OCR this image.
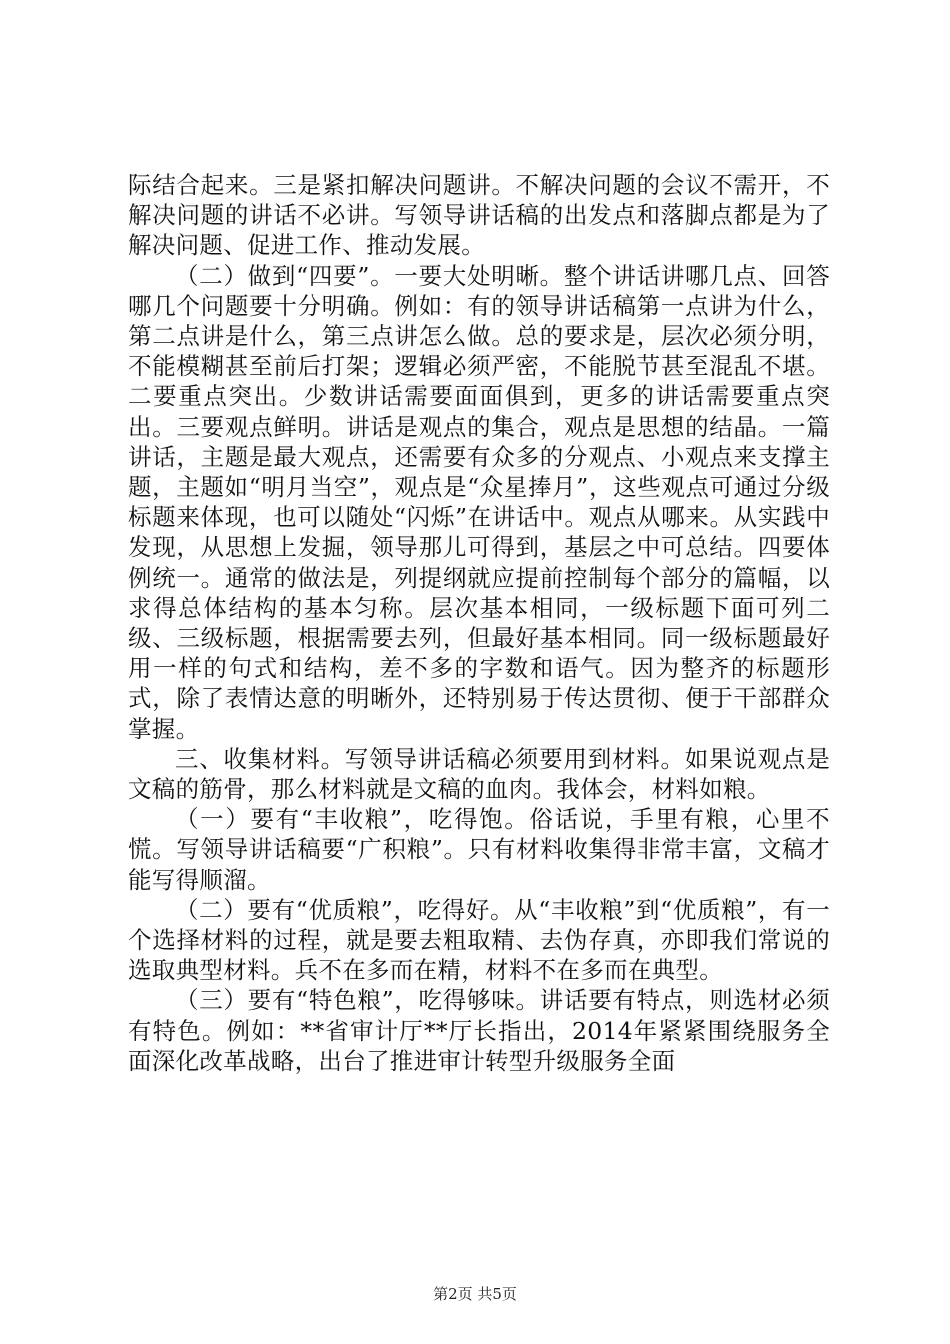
际结合起来。三是紧扣解决问题讲。不解决问题的会议不需开，不解决问题的讲话不必讲。写领导讲话稿的出发点和落脚点都是为了解决问题、促进工作、推动发展。

（二）做到“四要”。一要大处明晰。整个讲话讲哪几点、回答哪几个问题要十分明确。例如：有的领导讲话稿第一点讲为什么，第二点讲是什么，第三点讲怎么做。总的要求是，层次必须分明，不能模糊甚至前后打架；逻辑必须严密，不能脱节甚至混乱不堪。二要重点突出。少数讲话需要面面俱到，更多的讲话需要重点突出。三要观点鲜明。讲话是观点的集合，观点是思想的结晶。一篇讲话，主题是最大观点，还需要有众多的分观点、小观点来支撑主题，主题如“明月当空”，观点是“众星捧月”，这些观点可通过分级标题来体现，也可以随处“闪烁”在讲话中。观点从哪来。从实践中发现，从思想上发掘，领导那儿可得到，基层之中可总结。四要体例统一。通常的做法是，列提纲就应提前控制每个部分的篇幅，以求得总体结构的基本匀称。层次基本相同，一级标题下面可列二级、三级标题，根据需要去列，但最好基本相同。同一级标题最好用一样的句式和结构，差不多的字数和语气。因为整齐的标题形式，除了表情达意的明晰外，还特别易于传达贯彻、便于干部群众掌握。

三、收集材料。写领导讲话稿必须要用到材料。如果说观点是文稿的筋骨，那么材料就是文稿的血肉。我体会，材料如粮。

（一）要有“丰收粮”，吃得饱。俗话说，手里有粮，心里不慌。写领导讲话稿要“广积粮”。只有材料收集得非常丰富，文稿才能写得顺溜。

（二）要有“优质粮”，吃得好。从“丰收粮”到“优质粮”，有一个选择材料的过程，就是要去粗取精、去伪存真，亦即我们常说的选取典型材料。兵不在多而在精，材料不在多而在典型。

（三）要有“特色粮”，吃得够味。讲话要有特点，则选材必须有特色。例如：**省审计厅**厅长指出，2014年紧紧围绕服务全面深化改革战略，出台了推进审计转型升级服务全面

第2页 共5页
